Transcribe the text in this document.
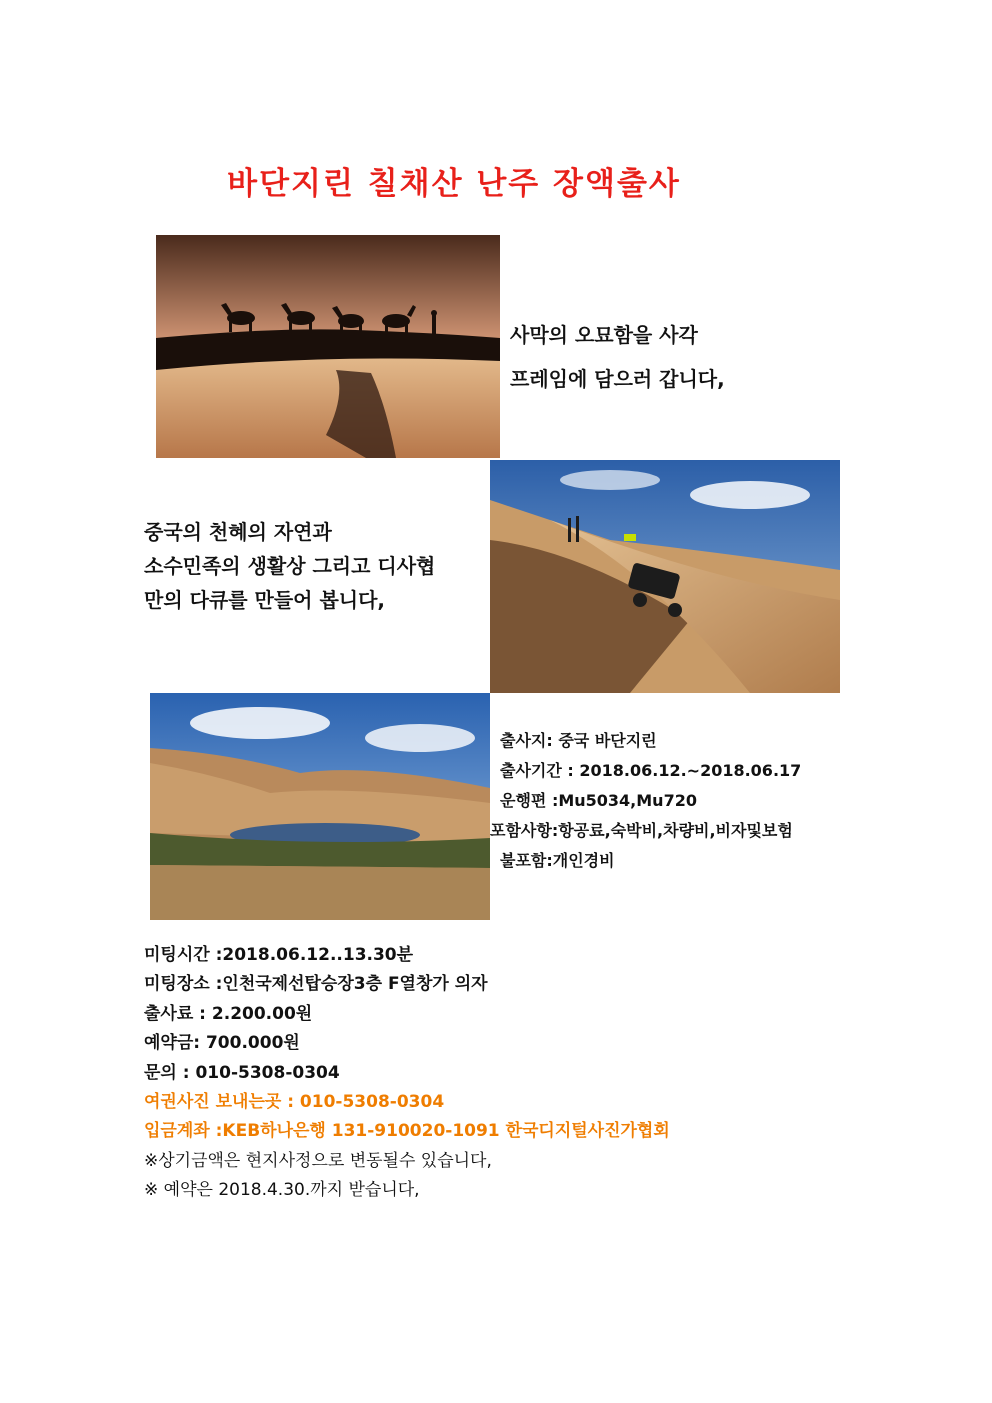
바단지린 칠채산 난주 장액출사
사막의 오묘함을 사각
프레임에 담으러 갑니다,
중국의 천혜의 자연과
소수민족의 생활상 그리고 디사협
만의 다큐를 만들어 봅니다,
출사지: 중국 바단지린
출사기간 : 2018.06.12.~2018.06.17
운행편 :Mu5034,Mu720
포함사항:항공료,숙박비,차량비,비자및보험
불포함:개인경비
미팅시간 :2018.06.12..13.30분
미팅장소 :인천국제선탑승장3층 F열창가 의자
출사료 : 2.200.00원
예약금: 700.000원
문의 : 010-5308-0304
여권사진 보내는곳 : 010-5308-0304
입금계좌 :KEB하나은행 131-910020-1091 한국디지털사진가협회
※상기금액은 현지사정으로 변동될수 있습니다,
※ 예약은 2018.4.30.까지 받습니다,
